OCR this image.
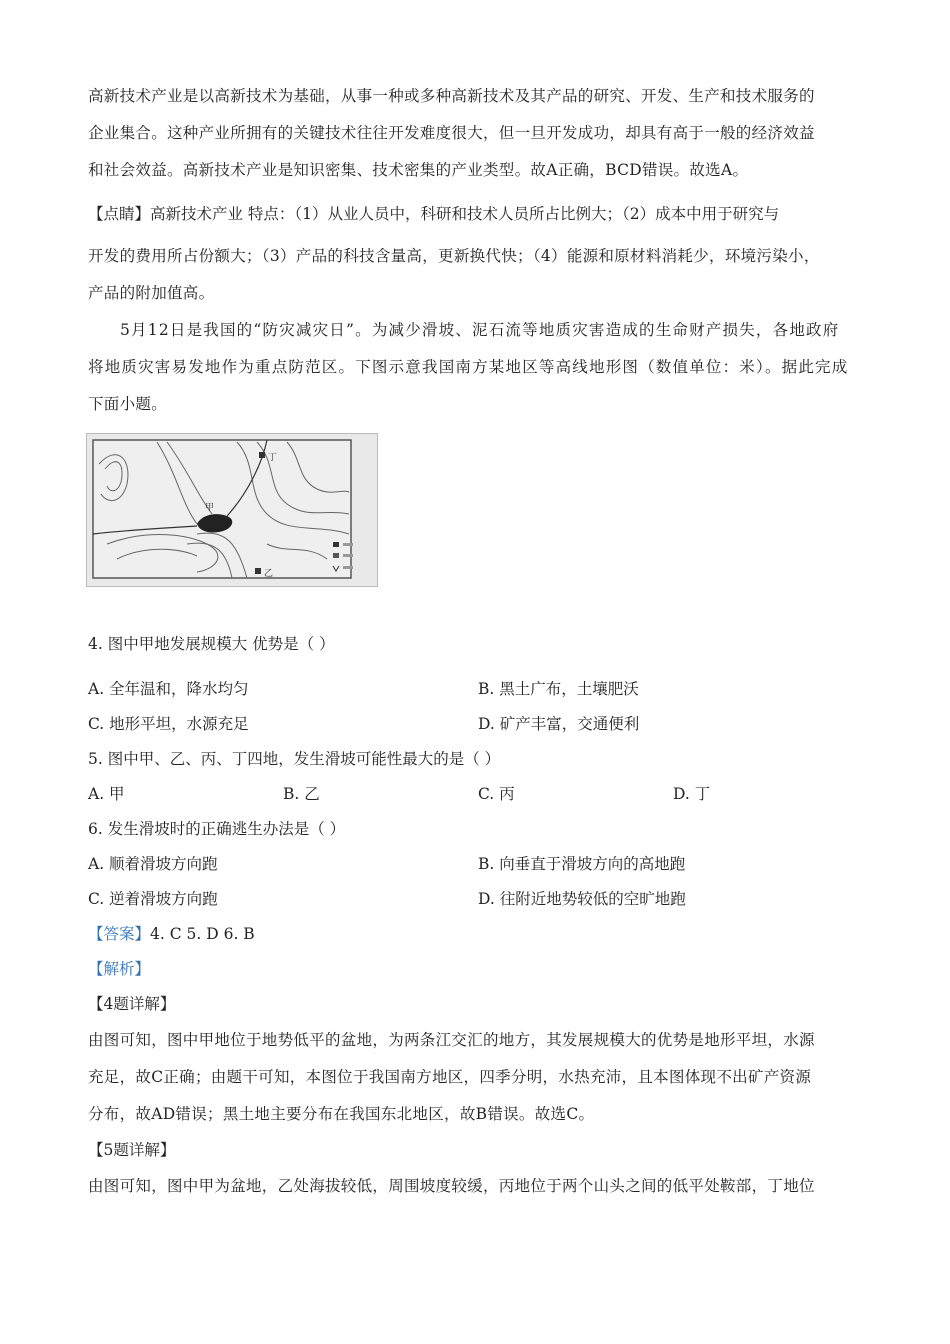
高新技术产业是以高新技术为基础，从事一种或多种高新技术及其产品的研究、开发、生产和技术服务的

企业集合。这种产业所拥有的关键技术往往开发难度很大，但一旦开发成功，却具有高于一般的经济效益

和社会效益。高新技术产业是知识密集、技术密集的产业类型。故A正确，BCD错误。故选A。

【点睛】高新技术产业 特点：（1）从业人员中，科研和技术人员所占比例大；（2）成本中用于研究与

开发的费用所占份额大；（3）产品的科技含量高，更新换代快；（4）能源和原材料消耗少，环境污染小，

产品的附加值高。

5月12日是我国的“防灾减灾日”。为减少滑坡、泥石流等地质灾害造成的生命财产损失，各地政府

将地质灾害易发地作为重点防范区。下图示意我国南方某地区等高线地形图（数值单位：米）。据此完成

下面小题。

甲
乙
丁

4. 图中甲地发展规模大 优势是（ ）

A. 全年温和，降水均匀	B. 黑土广布，土壤肥沃
C. 地形平坦，水源充足	D. 矿产丰富，交通便利

5. 图中甲、乙、丙、丁四地，发生滑坡可能性最大的是（ ）

A. 甲	B. 乙	C. 丙	D. 丁

6. 发生滑坡时的正确逃生办法是（ ）

A. 顺着滑坡方向跑	B. 向垂直于滑坡方向的高地跑
C. 逆着滑坡方向跑	D. 往附近地势较低的空旷地跑

【答案】4. C 5. D 6. B

【解析】

【4题详解】

由图可知，图中甲地位于地势低平的盆地，为两条江交汇的地方，其发展规模大的优势是地形平坦，水源

充足，故C正确；由题干可知，本图位于我国南方地区，四季分明，水热充沛，且本图体现不出矿产资源

分布，故AD错误；黑土地主要分布在我国东北地区，故B错误。故选C。

【5题详解】

由图可知，图中甲为盆地，乙处海拔较低，周围坡度较缓，丙地位于两个山头之间的低平处鞍部，丁地位
